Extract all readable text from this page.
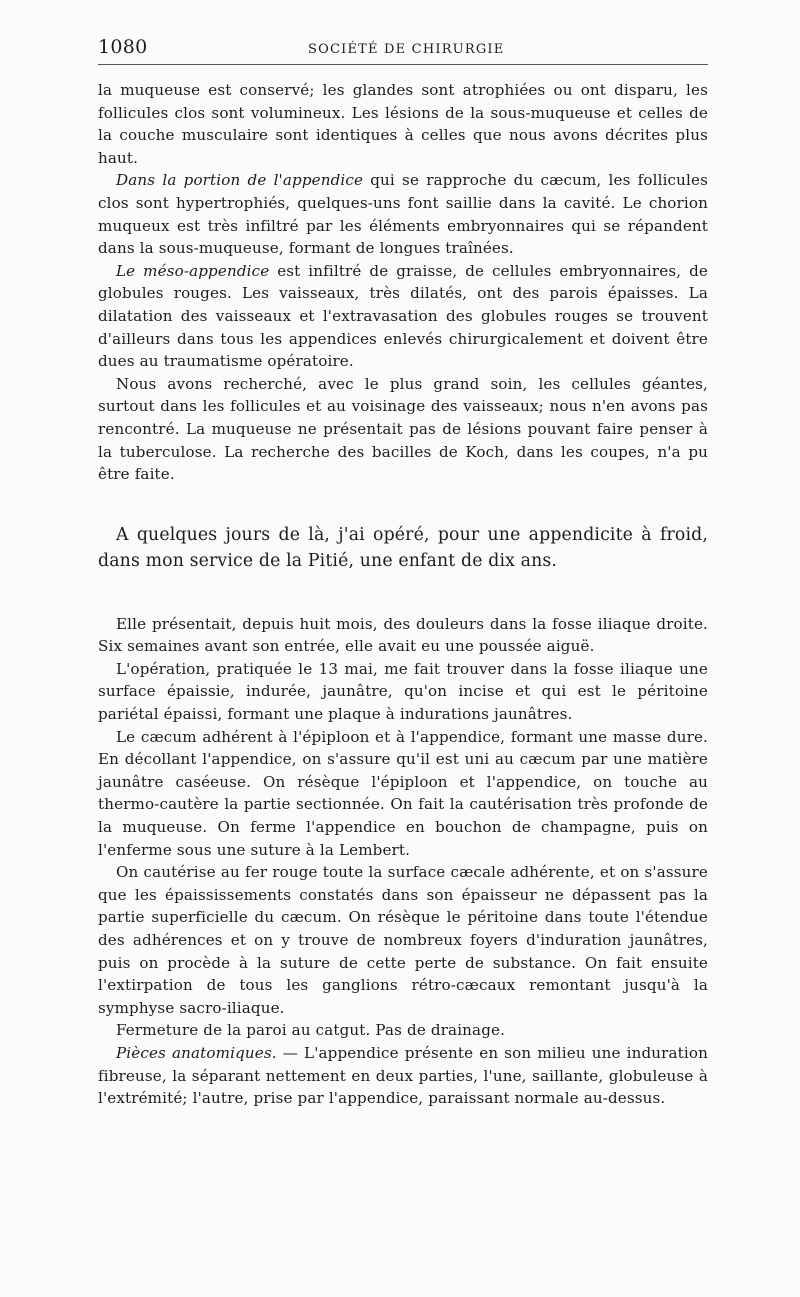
1080	SOCIÉTÉ DE CHIRURGIE

la muqueuse est conservé; les glandes sont atrophiées ou ont disparu, les follicules clos sont volumineux. Les lésions de la sous-muqueuse et celles de la couche musculaire sont identiques à celles que nous avons décrites plus haut.

Dans la portion de l'appendice qui se rapproche du cæcum, les follicules clos sont hypertrophiés, quelques-uns font saillie dans la cavité. Le chorion muqueux est très infiltré par les éléments embryonnaires qui se répandent dans la sous-muqueuse, formant de longues traînées.

Le méso-appendice est infiltré de graisse, de cellules embryonnaires, de globules rouges. Les vaisseaux, très dilatés, ont des parois épaisses. La dilatation des vaisseaux et l'extravasation des globules rouges se trouvent d'ailleurs dans tous les appendices enlevés chirurgicalement et doivent être dues au traumatisme opératoire.

Nous avons recherché, avec le plus grand soin, les cellules géantes, surtout dans les follicules et au voisinage des vaisseaux; nous n'en avons pas rencontré. La muqueuse ne présentait pas de lésions pouvant faire penser à la tuberculose. La recherche des bacilles de Koch, dans les coupes, n'a pu être faite.

A quelques jours de là, j'ai opéré, pour une appendicite à froid, dans mon service de la Pitié, une enfant de dix ans.

Elle présentait, depuis huit mois, des douleurs dans la fosse iliaque droite. Six semaines avant son entrée, elle avait eu une poussée aiguë.

L'opération, pratiquée le 13 mai, me fait trouver dans la fosse iliaque une surface épaissie, indurée, jaunâtre, qu'on incise et qui est le péritoine pariétal épaissi, formant une plaque à indurations jaunâtres.

Le cæcum adhérent à l'épiploon et à l'appendice, formant une masse dure. En décollant l'appendice, on s'assure qu'il est uni au cæcum par une matière jaunâtre caséeuse. On résèque l'épiploon et l'appendice, on touche au thermo-cautère la partie sectionnée. On fait la cautérisation très profonde de la muqueuse. On ferme l'appendice en bouchon de champagne, puis on l'enferme sous une suture à la Lembert.

On cautérise au fer rouge toute la surface cæcale adhérente, et on s'assure que les épaississements constatés dans son épaisseur ne dépassent pas la partie superficielle du cæcum. On résèque le péritoine dans toute l'étendue des adhérences et on y trouve de nombreux foyers d'induration jaunâtres, puis on procède à la suture de cette perte de substance. On fait ensuite l'extirpation de tous les ganglions rétro-cæcaux remontant jusqu'à la symphyse sacro-iliaque.

Fermeture de la paroi au catgut. Pas de drainage.

Pièces anatomiques. — L'appendice présente en son milieu une induration fibreuse, la séparant nettement en deux parties, l'une, saillante, globuleuse à l'extrémité; l'autre, prise par l'appendice, paraissant normale au-dessus.
